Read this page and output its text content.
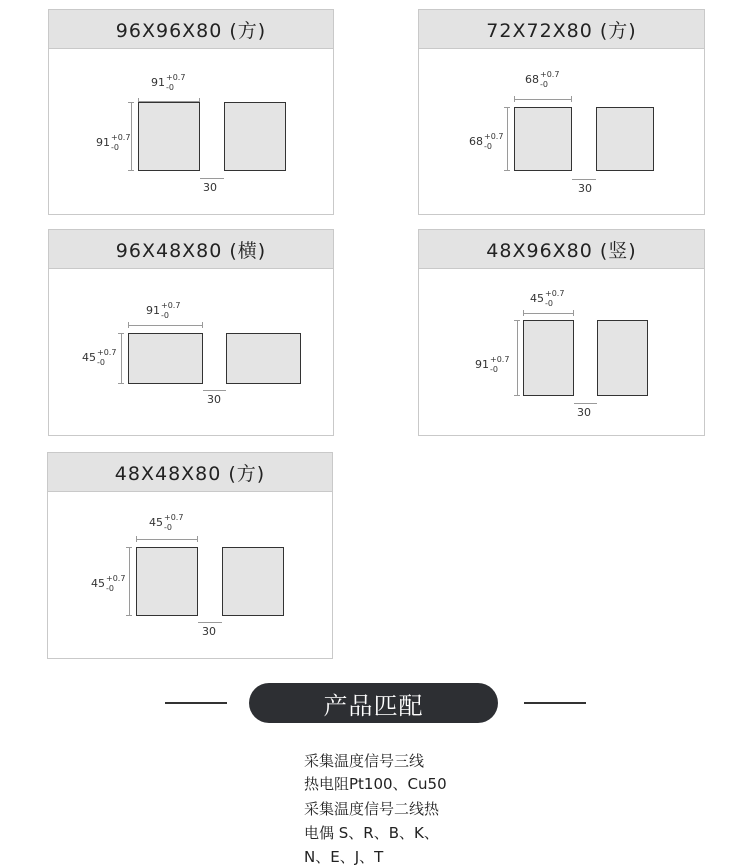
96X96X80 (方)
91 +0.7
-0
91 +0.7
-0
30
72X72X80 (方)
68 +0.7
-0
68 +0.7
-0
30
96X48X80 (横)
91 +0.7
-0
45 +0.7
-0
30
48X96X80 (竖)
45 +0.7
-0
91 +0.7
-0
30
48X48X80 (方)
45 +0.7
-0
45 +0.7
-0
30
产品匹配
采集温度信号三线
热电阻Pt100、Cu50
采集温度信号二线热
电偶 S、R、B、K、
N、E、J、T
